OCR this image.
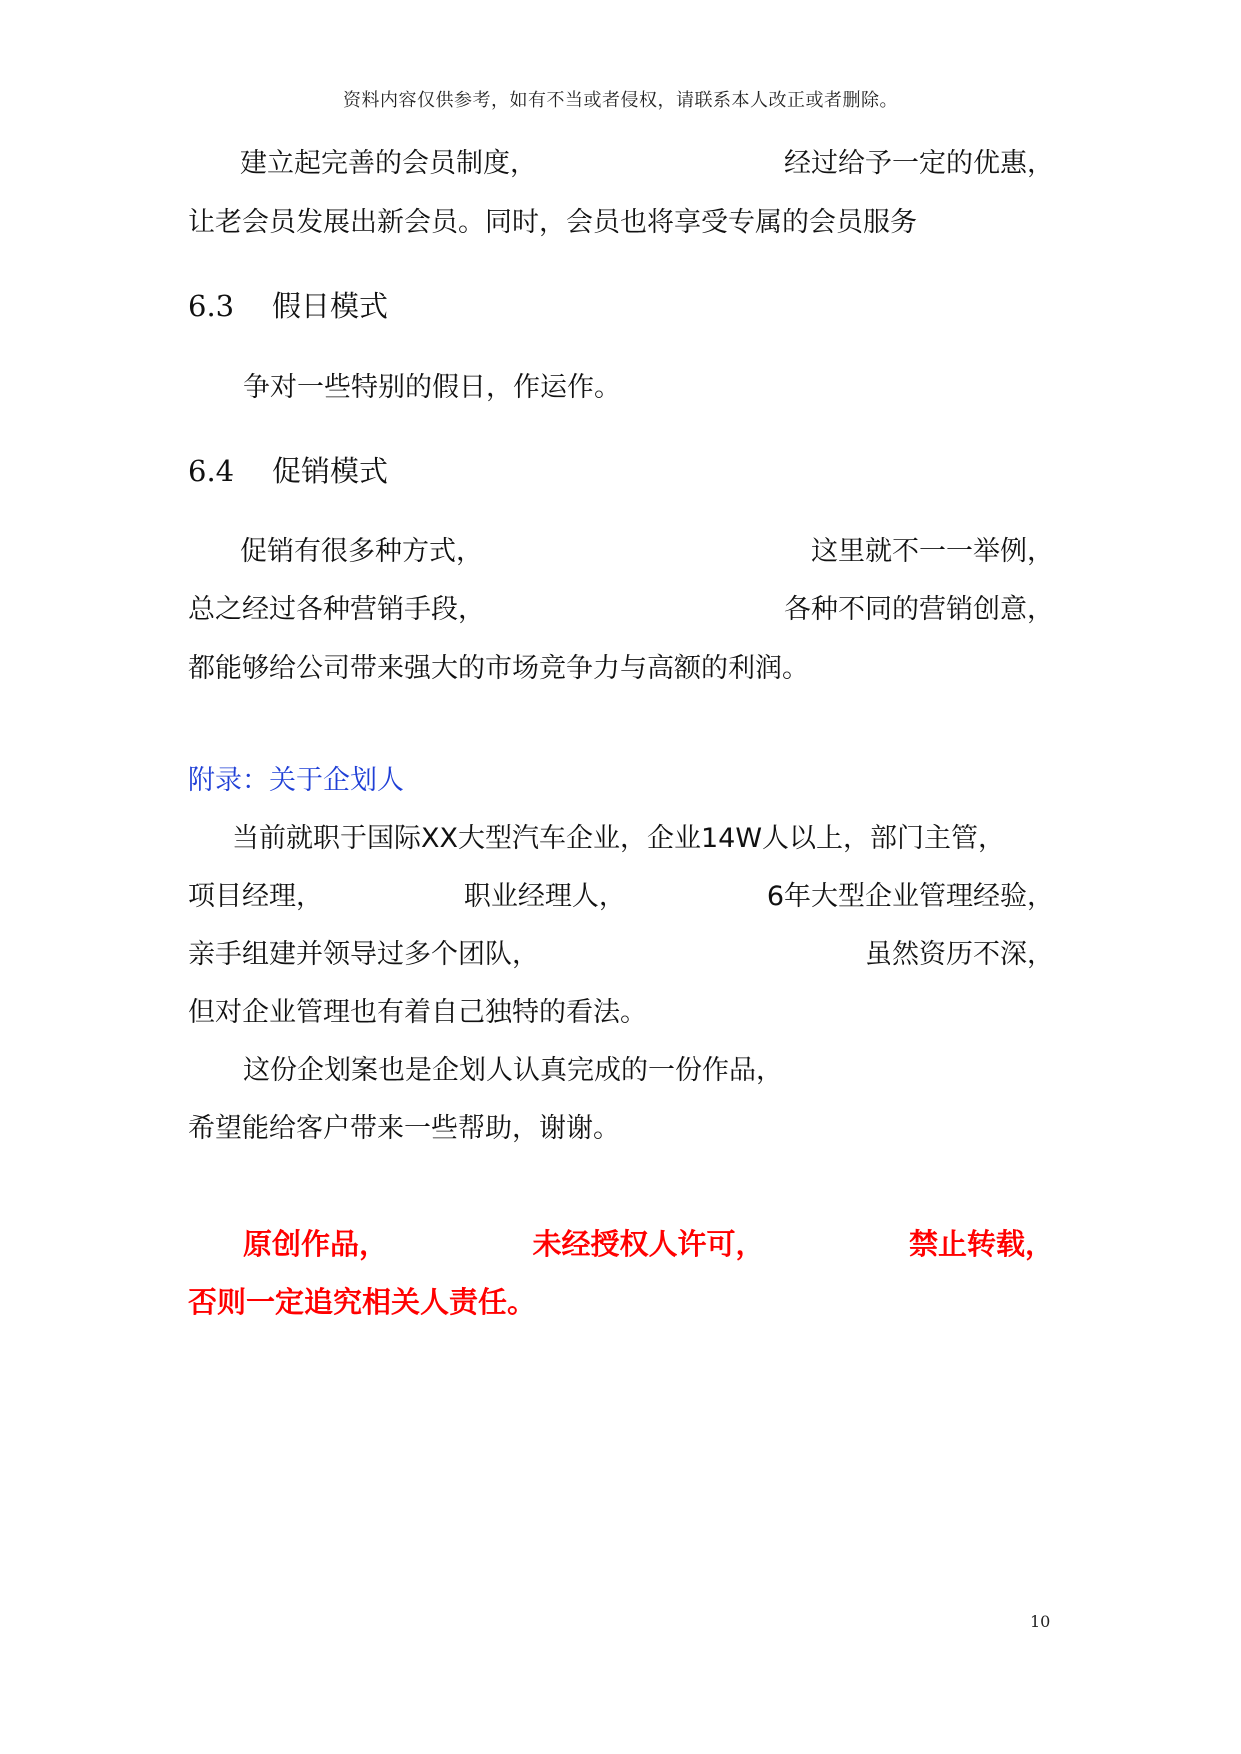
资料内容仅供参考，如有不当或者侵权，请联系本人改正或者删除。
建立起完善的会员制度，	经过给予一定的优惠，
让老会员发展出新会员。同时，会员也将享受专属的会员服务
6.3 假日模式
争对一些特别的假日，作运作。
6.4 促销模式
促销有很多种方式，	这里就不一一举例，
总之经过各种营销手段，	各种不同的营销创意，
都能够给公司带来强大的市场竞争力与高额的利润。
附录：关于企划人
当前就职于国际XX大型汽车企业，企业14W人以上，部门主管，
项目经理，	职业经理人，	6年大型企业管理经验，
亲手组建并领导过多个团队，	虽然资历不深，
但对企业管理也有着自己独特的看法。
这份企划案也是企划人认真完成的一份作品，
希望能给客户带来一些帮助，谢谢。
原创作品，	未经授权人许可，	禁止转载，
否则一定追究相关人责任。
10
